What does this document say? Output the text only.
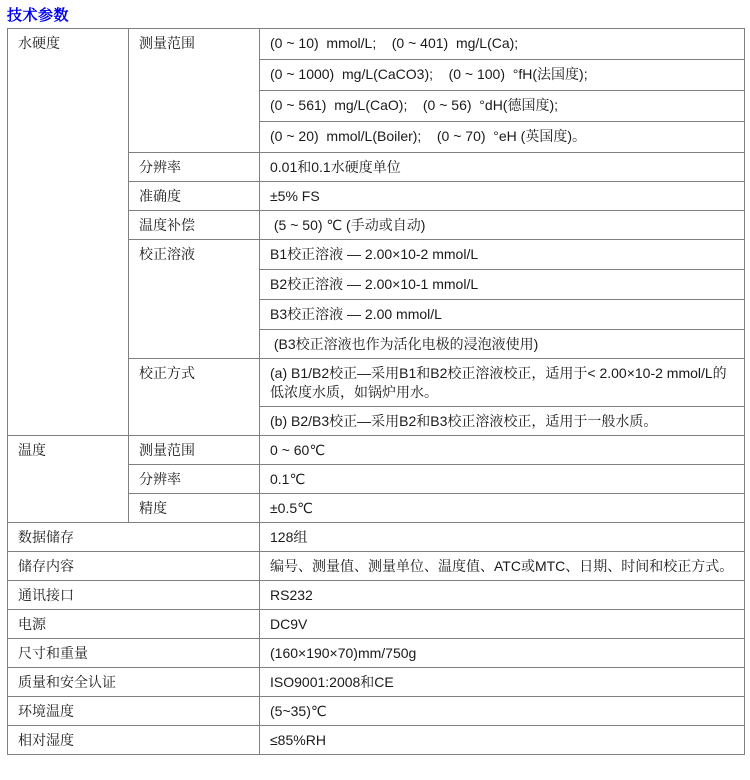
技术参数
水硬度	测量范围	(0 ~ 10)  mmol/L;    (0 ~ 401)  mg/L(Ca);
		(0 ~ 1000)  mg/L(CaCO3);    (0 ~ 100)  °fH(法国度);
		(0 ~ 561)  mg/L(CaO);    (0 ~ 56)  °dH(德国度);
		(0 ~ 20)  mmol/L(Boiler);    (0 ~ 70)  °eH (英国度)。
	分辨率	0.01和0.1水硬度单位
	准确度	±5% FS
	温度补偿	(5 ~ 50) ℃ (手动或自动)
	校正溶液	B1校正溶液 — 2.00×10-2 mmol/L
		B2校正溶液 — 2.00×10-1 mmol/L
		B3校正溶液 — 2.00 mmol/L
		(B3校正溶液也作为活化电极的浸泡液使用)
	校正方式	(a) B1/B2校正—采用B1和B2校正溶液校正，适用于< 2.00×10-2 mmol/L的低浓度水质，如锅炉用水。
		(b) B2/B3校正—采用B2和B3校正溶液校正，适用于一般水质。
温度	测量范围	0 ~ 60℃
	分辨率	0.1℃
	精度	±0.5℃
数据储存		128组
储存内容		编号、测量值、测量单位、温度值、ATC或MTC、日期、时间和校正方式。
通讯接口		RS232
电源		DC9V
尺寸和重量		(160×190×70)mm/750g
质量和安全认证		ISO9001:2008和CE
环境温度		(5~35)℃
相对湿度		≤85%RH
